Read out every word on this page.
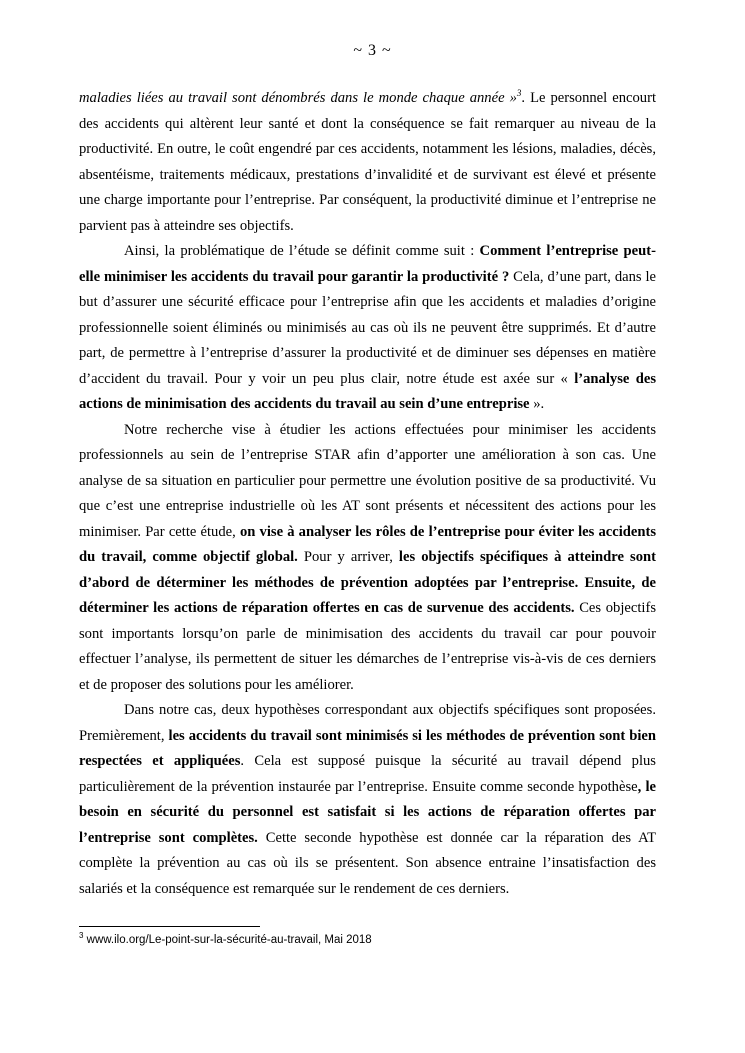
~ 3 ~

maladies liées au travail sont dénombrés dans le monde chaque année »$^3$. Le personnel encourt des accidents qui altèrent leur santé et dont la conséquence se fait remarquer au niveau de la productivité. En outre, le coût engendré par ces accidents, notamment les lésions, maladies, décès, absentéisme, traitements médicaux, prestations d’invalidité et de survivant est élevé et présente une charge importante pour l’entreprise. Par conséquent, la productivité diminue et l’entreprise ne parvient pas à atteindre ses objectifs.

Ainsi, la problématique de l’étude se définit comme suit : Comment l’entreprise peut-elle minimiser les accidents du travail pour garantir la productivité ? Cela, d’une part, dans le but d’assurer une sécurité efficace pour l’entreprise afin que les accidents et maladies d’origine professionnelle soient éliminés ou minimisés au cas où ils ne peuvent être supprimés. Et d’autre part, de permettre à l’entreprise d’assurer la productivité et de diminuer ses dépenses en matière d’accident du travail. Pour y voir un peu plus clair, notre étude est axée sur « l’analyse des actions de minimisation des accidents du travail au sein d’une entreprise ».

Notre recherche vise à étudier les actions effectuées pour minimiser les accidents professionnels au sein de l’entreprise STAR afin d’apporter une amélioration à son cas. Une analyse de sa situation en particulier pour permettre une évolution positive de sa productivité. Vu que c’est une entreprise industrielle où les AT sont présents et nécessitent des actions pour les minimiser. Par cette étude, on vise à analyser les rôles de l’entreprise pour éviter les accidents du travail, comme objectif global. Pour y arriver, les objectifs spécifiques à atteindre sont d’abord de déterminer les méthodes de prévention adoptées par l’entreprise. Ensuite, de déterminer les actions de réparation offertes en cas de survenue des accidents. Ces objectifs sont importants lorsqu’on parle de minimisation des accidents du travail car pour pouvoir effectuer l’analyse, ils permettent de situer les démarches de l’entreprise vis-à-vis de ces derniers et de proposer des solutions pour les améliorer.

Dans notre cas, deux hypothèses correspondant aux objectifs spécifiques sont proposées. Premièrement, les accidents du travail sont minimisés si les méthodes de prévention sont bien respectées et appliquées. Cela est supposé puisque la sécurité au travail dépend plus particulièrement de la prévention instaurée par l’entreprise. Ensuite comme seconde hypothèse, le besoin en sécurité du personnel est satisfait si les actions de réparation offertes par l’entreprise sont complètes. Cette seconde hypothèse est donnée car la réparation des AT complète la prévention au cas où ils se présentent. Son absence entraine l’insatisfaction des salariés et la conséquence est remarquée sur le rendement de ces derniers.

$^3$ www.ilo.org/Le-point-sur-la-sécurité-au-travail, Mai 2018
